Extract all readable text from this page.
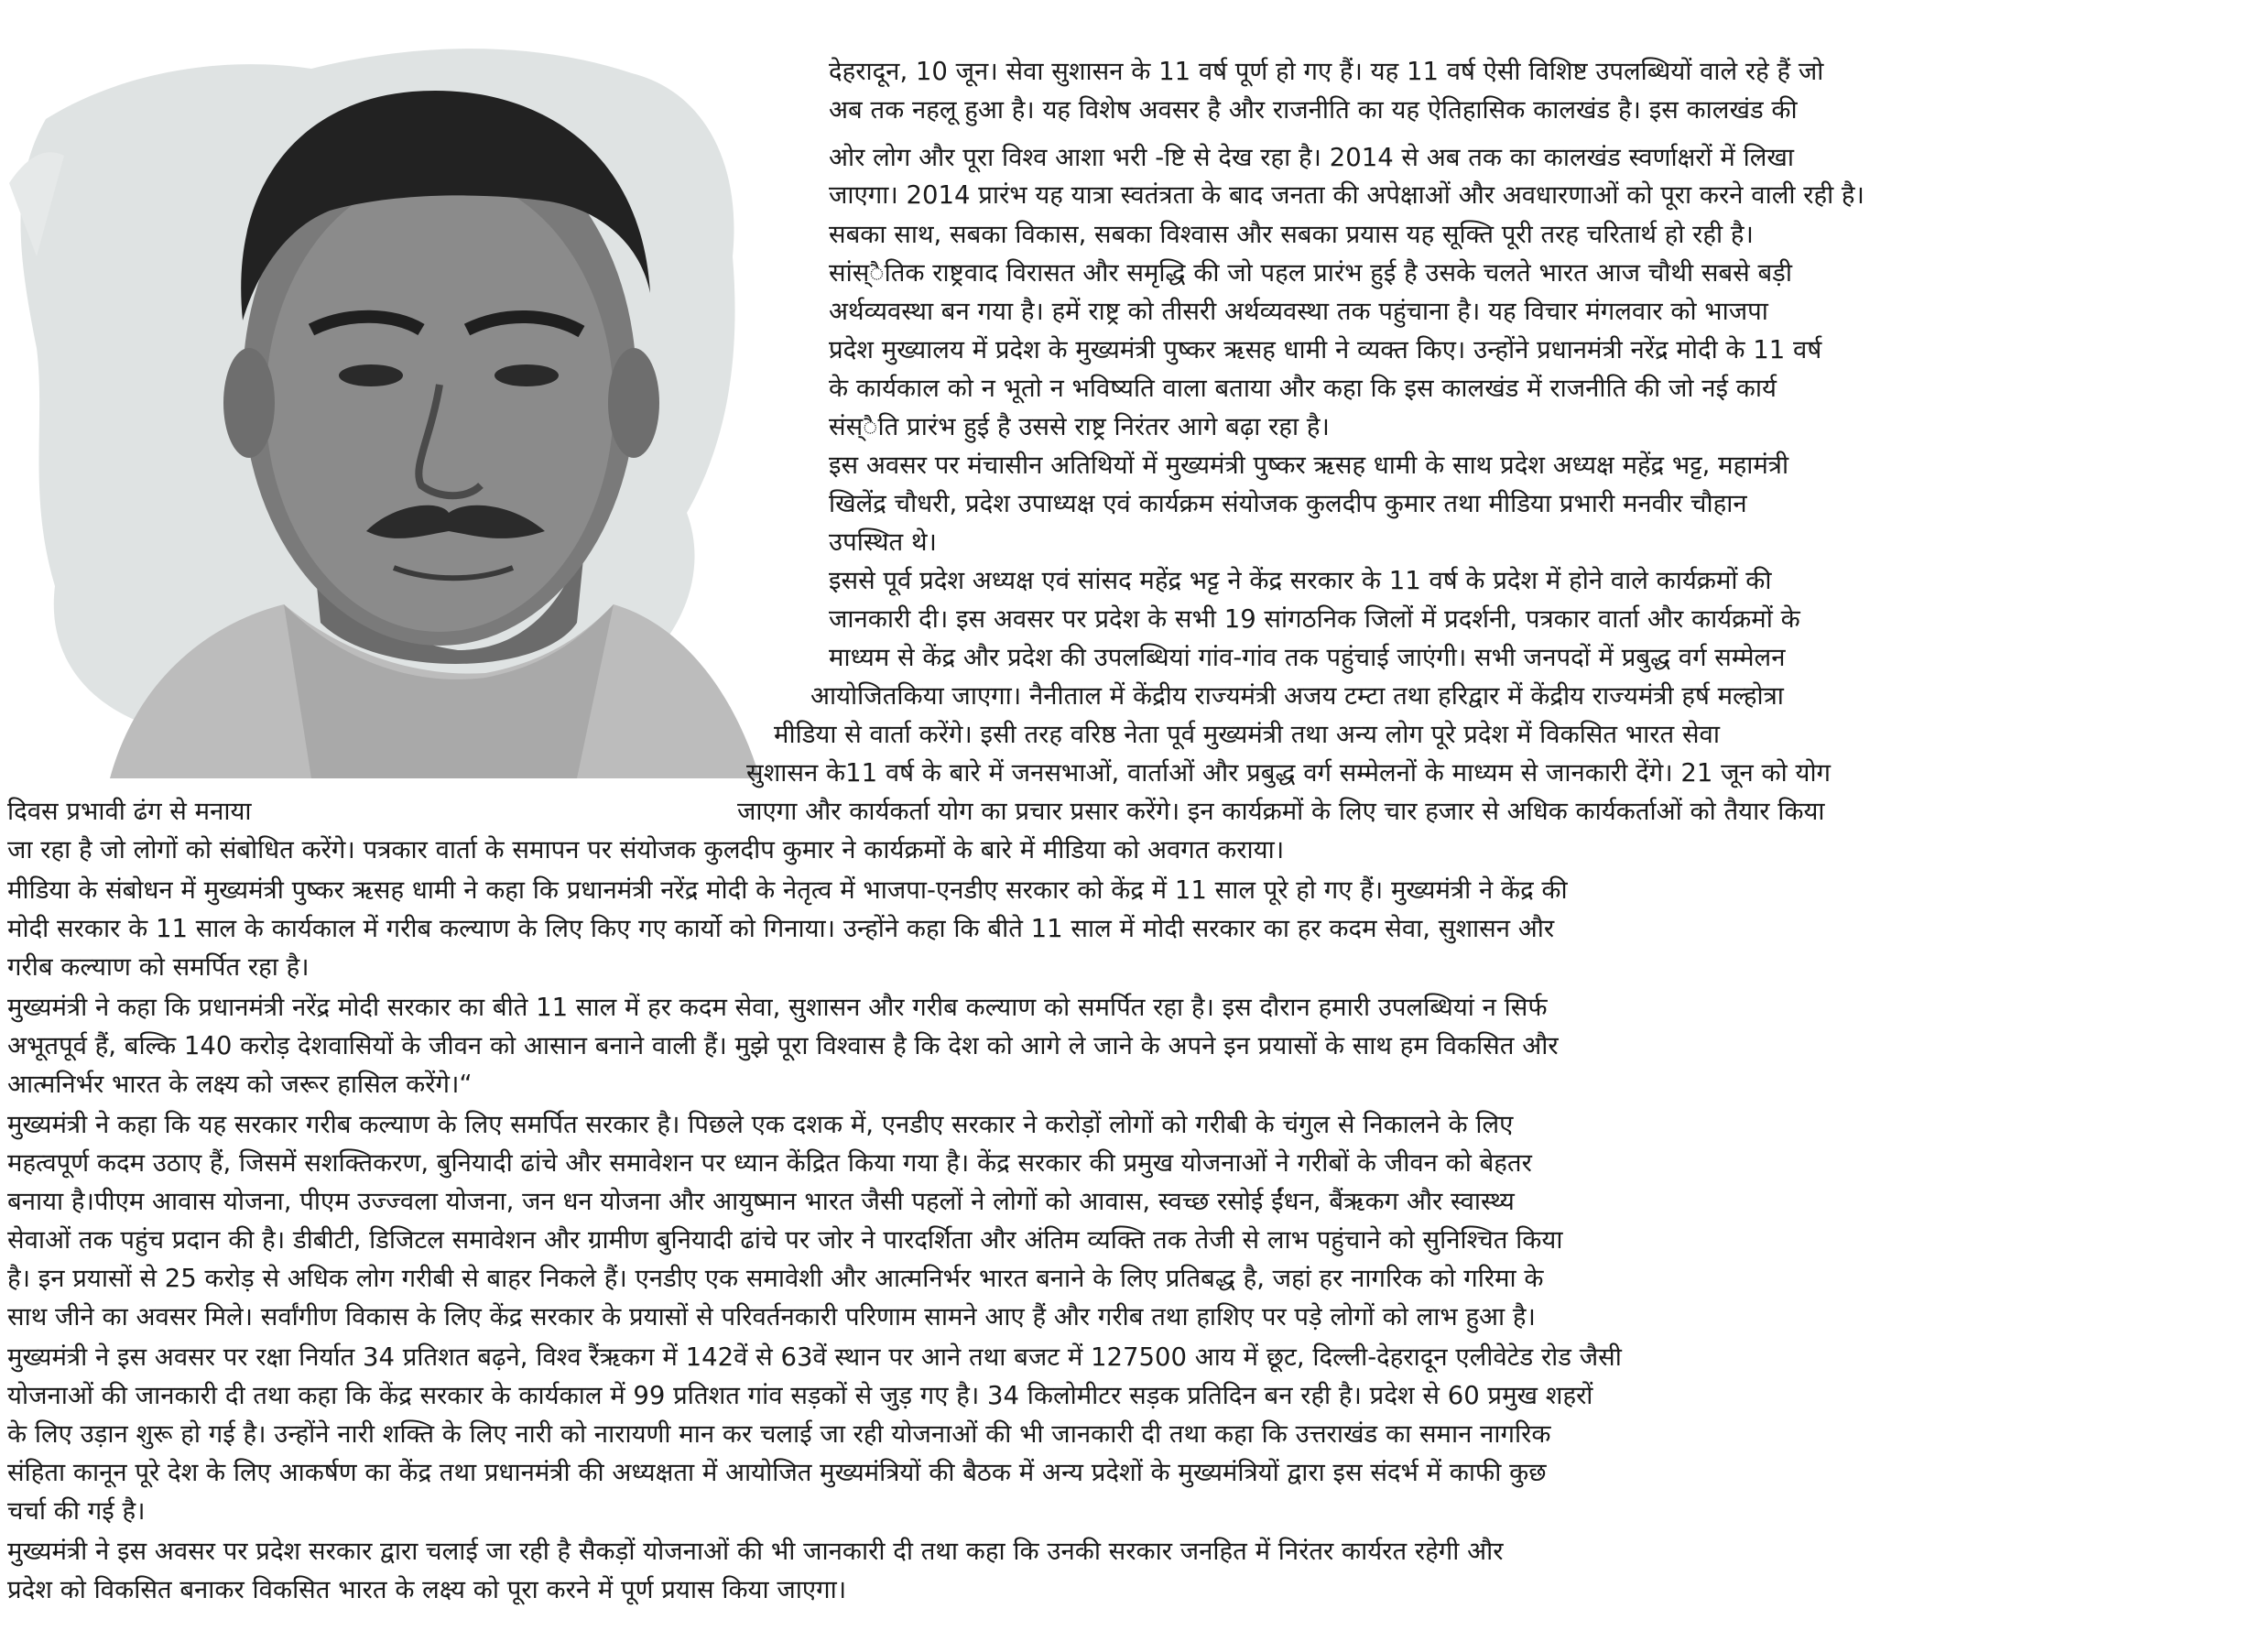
देहरादून, 10 जून। सेवा सुशासन के 11 वर्ष पूर्ण हो गए हैं। यह 11 वर्ष ऐसी विशिष्ट उपलब्धियों वाले रहे हैं जो
अब तक नहलू हुआ है। यह विशेष अवसर है और राजनीति का यह ऐतिहासिक कालखंड है। इस कालखंड की
ओर लोग और पूरा विश्व आशा भरी -ष्टि से देख रहा है। 2014 से अब तक का कालखंड स्वर्णाक्षरों में लिखा
जाएगा। 2014 प्रारंभ यह यात्रा स्वतंत्रता के बाद जनता की अपेक्षाओं और अवधारणाओं को पूरा करने वाली रही है।
सबका साथ, सबका विकास, सबका विश्वास और सबका प्रयास यह सूक्ति पूरी तरह चरितार्थ हो रही है।
सांस्ैतिक राष्ट्रवाद विरासत और समृद्धि की जो पहल प्रारंभ हुई है उसके चलते भारत आज चौथी सबसे बड़ी
अर्थव्यवस्था बन गया है। हमें राष्ट्र को तीसरी अर्थव्यवस्था तक पहुंचाना है। यह विचार मंगलवार को भाजपा
प्रदेश मुख्यालय में प्रदेश के मुख्यमंत्री पुष्कर ऋसह धामी ने व्यक्त किए। उन्होंने प्रधानमंत्री नरेंद्र मोदी के 11 वर्ष
के कार्यकाल को न भूतो न भविष्यति वाला बताया और कहा कि इस कालखंड में राजनीति की जो नई कार्य
संस्ैति प्रारंभ हुई है उससे राष्ट्र निरंतर आगे बढ़ा रहा है।
इस अवसर पर मंचासीन अतिथियों में मुख्यमंत्री पुष्कर ऋसह धामी के साथ प्रदेश अध्यक्ष महेंद्र भट्ट, महामंत्री
खिलेंद्र चौधरी, प्रदेश उपाध्यक्ष एवं कार्यक्रम संयोजक कुलदीप कुमार तथा मीडिया प्रभारी मनवीर चौहान
उपस्थित थे।
इससे पूर्व प्रदेश अध्यक्ष एवं सांसद महेंद्र भट्ट ने केंद्र सरकार के 11 वर्ष के प्रदेश में होने वाले कार्यक्रमों की
जानकारी दी। इस अवसर पर प्रदेश के सभी 19 सांगठनिक जिलों में प्रदर्शनी, पत्रकार वार्ता और कार्यक्रमों के
माध्यम से केंद्र और प्रदेश की उपलब्धियां गांव-गांव तक पहुंचाई जाएंगी। सभी जनपदों में प्रबुद्ध वर्ग सम्मेलन
आयोजितकिया जाएगा। नैनीताल में केंद्रीय राज्यमंत्री अजय टम्टा तथा हरिद्वार में केंद्रीय राज्यमंत्री हर्ष मल्होत्रा
मीडिया से वार्ता करेंगे। इसी तरह वरिष्ठ नेता पूर्व मुख्यमंत्री तथा अन्य लोग पूरे प्रदेश में विकसित भारत सेवा
सुशासन के11 वर्ष के बारे में जनसभाओं, वार्ताओं और प्रबुद्ध वर्ग सम्मेलनों के माध्यम से जानकारी देंगे। 21 जून को योग
दिवस प्रभावी ढंग से मनाया	जाएगा और कार्यकर्ता योग का प्रचार प्रसार करेंगे। इन कार्यक्रमों के लिए चार हजार से अधिक कार्यकर्ताओं को तैयार किया
जा रहा है जो लोगों को संबोधित करेंगे। पत्रकार वार्ता के समापन पर संयोजक कुलदीप कुमार ने कार्यक्रमों के बारे में मीडिया को अवगत कराया।
मीडिया के संबोधन में मुख्यमंत्री पुष्कर ऋसह धामी ने कहा कि प्रधानमंत्री नरेंद्र मोदी के नेतृत्व में भाजपा-एनडीए सरकार को केंद्र में 11 साल पूरे हो गए हैं। मुख्यमंत्री ने केंद्र की
मोदी सरकार के 11 साल के कार्यकाल में गरीब कल्याण के लिए किए गए कार्यो को गिनाया। उन्होंने कहा कि बीते 11 साल में मोदी सरकार का हर कदम सेवा, सुशासन और
गरीब कल्याण को समर्पित रहा है।
मुख्यमंत्री ने कहा कि प्रधानमंत्री नरेंद्र मोदी सरकार का बीते 11 साल में हर कदम सेवा, सुशासन और गरीब कल्याण को समर्पित रहा है। इस दौरान हमारी उपलब्धियां न सिर्फ
अभूतपूर्व हैं, बल्कि 140 करोड़ देशवासियों के जीवन को आसान बनाने वाली हैं। मुझे पूरा विश्वास है कि देश को आगे ले जाने के अपने इन प्रयासों के साथ हम विकसित और
आत्मनिर्भर भारत के लक्ष्य को जरूर हासिल करेंगे।“
मुख्यमंत्री ने कहा कि यह सरकार गरीब कल्याण के लिए समर्पित सरकार है। पिछले एक दशक में, एनडीए सरकार ने करोड़ों लोगों को गरीबी के चंगुल से निकालने के लिए
महत्वपूर्ण कदम उठाए हैं, जिसमें सशक्तिकरण, बुनियादी ढांचे और समावेशन पर ध्यान केंद्रित किया गया है। केंद्र सरकार की प्रमुख योजनाओं ने गरीबों के जीवन को बेहतर
बनाया है।पीएम आवास योजना, पीएम उज्ज्वला योजना, जन धन योजना और आयुष्मान भारत जैसी पहलों ने लोगों को आवास, स्वच्छ रसोई ईंधन, बैंऋकग और स्वास्थ्य
सेवाओं तक पहुंच प्रदान की है। डीबीटी, डिजिटल समावेशन और ग्रामीण बुनियादी ढांचे पर जोर ने पारदर्शिता और अंतिम व्यक्ति तक तेजी से लाभ पहुंचाने को सुनिश्चित किया
है। इन प्रयासों से 25 करोड़ से अधिक लोग गरीबी से बाहर निकले हैं। एनडीए एक समावेशी और आत्मनिर्भर भारत बनाने के लिए प्रतिबद्ध है, जहां हर नागरिक को गरिमा के
साथ जीने का अवसर मिले। सर्वांगीण विकास के लिए केंद्र सरकार के प्रयासों से परिवर्तनकारी परिणाम सामने आए हैं और गरीब तथा हाशिए पर पड़े लोगों को लाभ हुआ है।
मुख्यमंत्री ने इस अवसर पर रक्षा निर्यात 34 प्रतिशत बढ़ने, विश्व रैंऋकग में 142वें से 63वें स्थान पर आने तथा बजट में 127500 आय में छूट, दिल्ली-देहरादून एलीवेटेड रोड जैसी
योजनाओं की जानकारी दी तथा कहा कि केंद्र सरकार के कार्यकाल में 99 प्रतिशत गांव सड़कों से जुड़ गए है। 34 किलोमीटर सड़क प्रतिदिन बन रही है। प्रदेश से 60 प्रमुख शहरों
के लिए उड़ान शुरू हो गई है। उन्होंने नारी शक्ति के लिए नारी को नारायणी मान कर चलाई जा रही योजनाओं की भी जानकारी दी तथा कहा कि उत्तराखंड का समान नागरिक
संहिता कानून पूरे देश के लिए आकर्षण का केंद्र तथा प्रधानमंत्री की अध्यक्षता में आयोजित मुख्यमंत्रियों की बैठक में अन्य प्रदेशों के मुख्यमंत्रियों द्वारा इस संदर्भ में काफी कुछ
चर्चा की गई है।
मुख्यमंत्री ने इस अवसर पर प्रदेश सरकार द्वारा चलाई जा रही है सैकड़ों योजनाओं की भी जानकारी दी तथा कहा कि उनकी सरकार जनहित में निरंतर कार्यरत रहेगी और
प्रदेश को विकसित बनाकर विकसित भारत के लक्ष्य को पूरा करने में पूर्ण प्रयास किया जाएगा।
